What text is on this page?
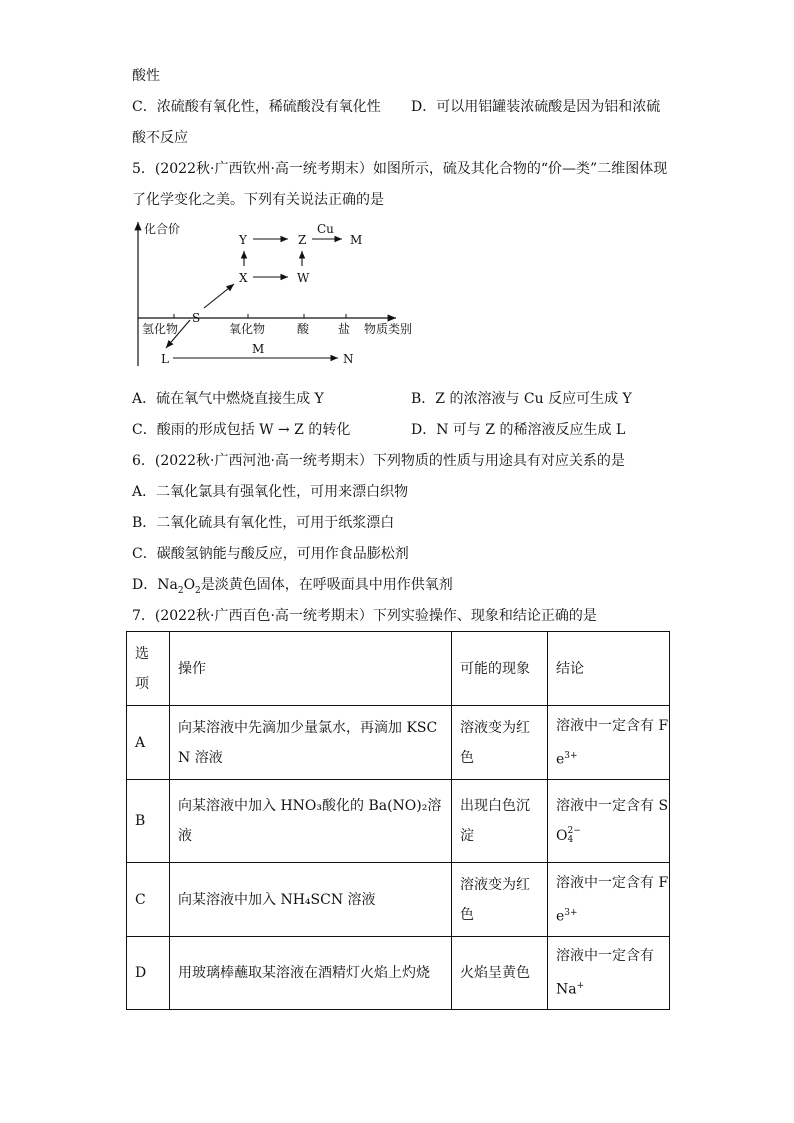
酸性
C．浓硫酸有氧化性，稀硫酸没有氧化性 D．可以用铝罐装浓硫酸是因为铝和浓硫
酸不反应
5．(2022秋·广西钦州·高一统考期末）如图所示，硫及其化合物的“价—类”二维图体现
了化学变化之美。下列有关说法正确的是
化合价
物质类别
氢化物	氧化物	酸 盐
S
X
Y	Z
W
M
L	N
Cu
M
A．硫在氧气中燃烧直接生成 Y	B．Z 的浓溶液与 Cu 反应可生成 Y
C．酸雨的形成包括 W → Z 的转化	D．N 可与 Z 的稀溶液反应生成 L
6．(2022秋·广西河池·高一统考期末）下列物质的性质与用途具有对应关系的是
A．二氧化氯具有强氧化性，可用来漂白织物
B．二氧化硫具有氧化性，可用于纸浆漂白
C．碳酸氢钠能与酸反应，可用作食品膨松剂
D．$Na_2O_2$是淡黄色固体，在呼吸面具中用作供氧剂
7．(2022秋·广西百色·高一统考期末）下列实验操作、现象和结论正确的是
选项	操作	可能的现象	结论
A	向某溶液中先滴加少量氯水，再滴加 KSCN 溶液	溶液变为红色	溶液中一定含有 $Fe^{3+}$
B	向某溶液中加入 HNO₃酸化的 Ba(NO)₂溶液	出现白色沉淀	溶液中一定含有 SO 2−
4

C	向某溶液中加入 NH₄SCN 溶液	溶液变为红色	溶液中一定含有 $Fe^{3+}$
D	用玻璃棒蘸取某溶液在酒精灯火焰上灼烧	火焰呈黄色	溶液中一定含有 Na+
